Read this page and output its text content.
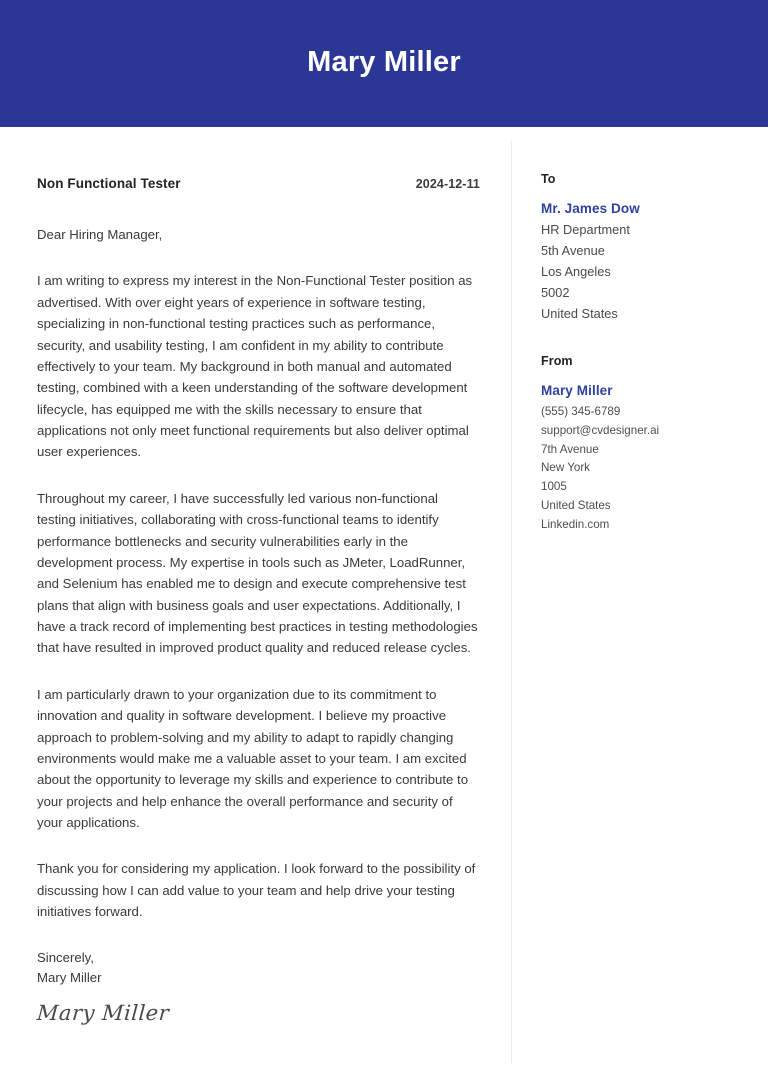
Mary Miller
Non Functional Tester	2024-12-11

Dear Hiring Manager,

I am writing to express my interest in the Non-Functional Tester position as advertised. With over eight years of experience in software testing, specializing in non-functional testing practices such as performance, security, and usability testing, I am confident in my ability to contribute effectively to your team. My background in both manual and automated testing, combined with a keen understanding of the software development lifecycle, has equipped me with the skills necessary to ensure that applications not only meet functional requirements but also deliver optimal user experiences.

Throughout my career, I have successfully led various non-functional testing initiatives, collaborating with cross-functional teams to identify performance bottlenecks and security vulnerabilities early in the development process. My expertise in tools such as JMeter, LoadRunner, and Selenium has enabled me to design and execute comprehensive test plans that align with business goals and user expectations. Additionally, I have a track record of implementing best practices in testing methodologies that have resulted in improved product quality and reduced release cycles.

I am particularly drawn to your organization due to its commitment to innovation and quality in software development. I believe my proactive approach to problem-solving and my ability to adapt to rapidly changing environments would make me a valuable asset to your team. I am excited about the opportunity to leverage my skills and experience to contribute to your projects and help enhance the overall performance and security of your applications.

Thank you for considering my application. I look forward to the possibility of discussing how I can add value to your team and help drive your testing initiatives forward.

Sincerely,
Mary Miller
Mary Miller
To
Mr. James Dow
HR Department
5th Avenue
Los Angeles
5002
United States
From
Mary Miller
(555) 345-6789
support@cvdesigner.ai
7th Avenue
New York
1005
United States
Linkedin.com
